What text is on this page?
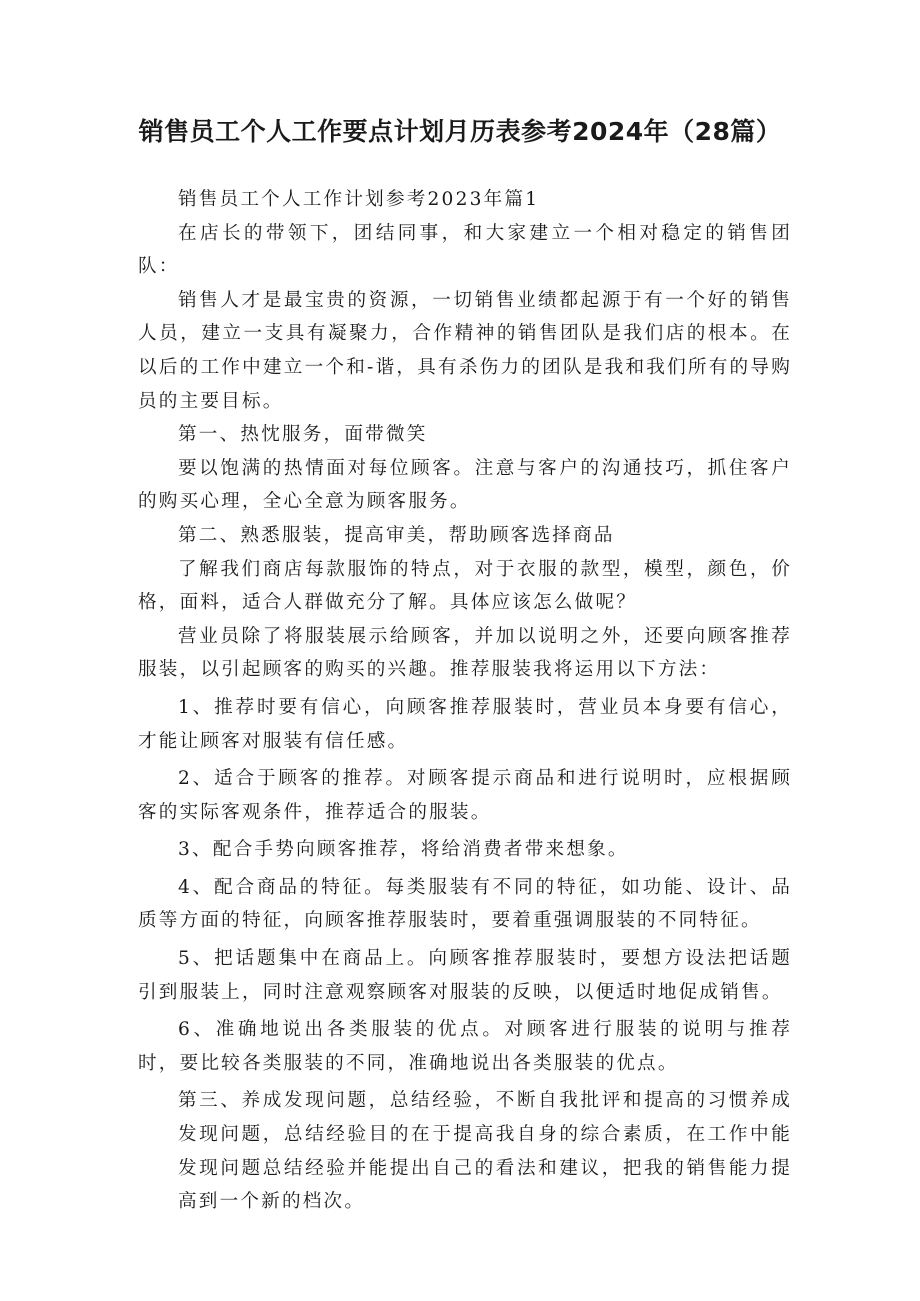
销售员工个人工作要点计划月历表参考2024年（28篇）

销售员工个人工作计划参考2023年篇1

在店长的带领下，团结同事，和大家建立一个相对稳定的销售团队：

销售人才是最宝贵的资源，一切销售业绩都起源于有一个好的销售人员，建立一支具有凝聚力，合作精神的销售团队是我们店的根本。在以后的工作中建立一个和-谐，具有杀伤力的团队是我和我们所有的导购员的主要目标。

第一、热忱服务，面带微笑

要以饱满的热情面对每位顾客。注意与客户的沟通技巧，抓住客户的购买心理，全心全意为顾客服务。

第二、熟悉服装，提高审美，帮助顾客选择商品

了解我们商店每款服饰的特点，对于衣服的款型，模型，颜色，价格，面料，适合人群做充分了解。具体应该怎么做呢？

营业员除了将服装展示给顾客，并加以说明之外，还要向顾客推荐服装，以引起顾客的购买的兴趣。推荐服装我将运用以下方法：

1、推荐时要有信心，向顾客推荐服装时，营业员本身要有信心，才能让顾客对服装有信任感。

2、适合于顾客的推荐。对顾客提示商品和进行说明时，应根据顾客的实际客观条件，推荐适合的服装。

3、配合手势向顾客推荐，将给消费者带来想象。

4、配合商品的特征。每类服装有不同的特征，如功能、设计、品质等方面的特征，向顾客推荐服装时，要着重强调服装的不同特征。

5、把话题集中在商品上。向顾客推荐服装时，要想方设法把话题引到服装上，同时注意观察顾客对服装的反映，以便适时地促成销售。

6、准确地说出各类服装的优点。对顾客进行服装的说明与推荐时，要比较各类服装的不同，准确地说出各类服装的优点。

第三、养成发现问题，总结经验，不断自我批评和提高的习惯养成发现问题，总结经验目的在于提高我自身的综合素质，在工作中能发现问题总结经验并能提出自己的看法和建议，把我的销售能力提高到一个新的档次。
